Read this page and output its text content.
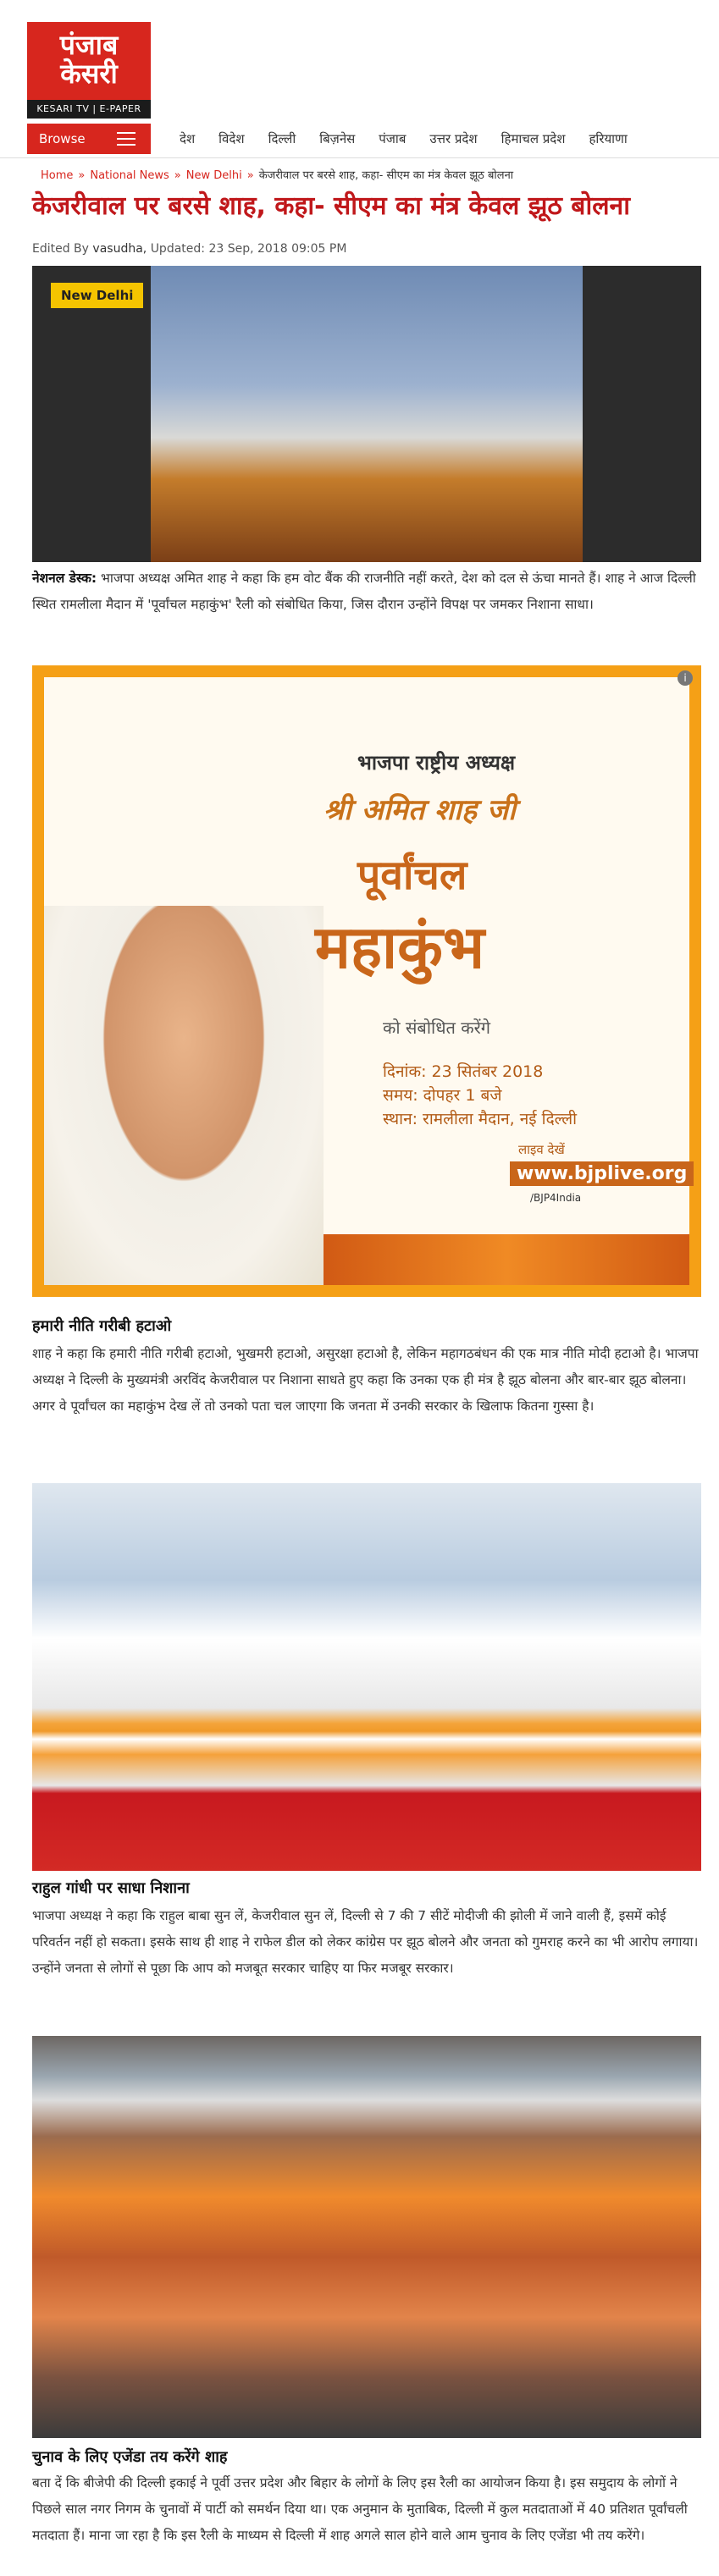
पंजाब केसरी
KESARI TV | E-PAPER
Browse	देश	विदेश	दिल्ली	बिज़नेस	पंजाब	उत्तर प्रदेश	हिमाचल प्रदेश	हरियाणा
Home » National News » New Delhi » केजरीवाल पर बरसे शाह, कहा- सीएम का मंत्र केवल झूठ बोलना
केजरीवाल पर बरसे शाह, कहा- सीएम का मंत्र केवल झूठ बोलना
Edited By vasudha, Updated: 23 Sep, 2018 09:05 PM
New Delhi
नेशनल डेस्क: भाजपा अध्यक्ष अमित शाह ने कहा कि हम वोट बैंक की राजनीति नहीं करते, देश को दल से ऊंचा मानते हैं। शाह ने आज दिल्ली स्थित रामलीला मैदान में 'पूर्वांचल महाकुंभ' रैली को संबोधित किया, जिस दौरान उन्होंने विपक्ष पर जमकर निशाना साधा।
भाजपा राष्ट्रीय अध्यक्ष
श्री अमित शाह जी
पूर्वांचल
महाकुंभ
को संबोधित करेंगे
दिनांक: 23 सितंबर 2018
समय: दोपहर 1 बजे
स्थान: रामलीला मैदान, नई दिल्ली
लाइव देखें
www.bjplive.org
/BJP4India
i
हमारी नीति गरीबी हटाओ
शाह ने कहा कि हमारी नीति गरीबी हटाओ, भुखमरी हटाओ, असुरक्षा हटाओ है, लेकिन महागठबंधन की एक मात्र नीति मोदी हटाओ है। भाजपा अध्यक्ष ने दिल्ली के मुख्यमंत्री अरविंद केजरीवाल पर निशाना साधते हुए कहा कि उनका एक ही मंत्र है झूठ बोलना और बार-बार झूठ बोलना। अगर वे पूर्वांचल का महाकुंभ देख लें तो उनको पता चल जाएगा कि जनता में उनकी सरकार के खिलाफ कितना गुस्सा है।
राहुल गांधी पर साधा निशाना
भाजपा अध्यक्ष ने कहा कि राहुल बाबा सुन लें, केजरीवाल सुन लें, दिल्ली से 7 की 7 सीटें मोदीजी की झोली में जाने वाली हैं, इसमें कोई परिवर्तन नहीं हो सकता। इसके साथ ही शाह ने राफेल डील को लेकर कांग्रेस पर झूठ बोलने और जनता को गुमराह करने का भी आरोप लगाया। उन्होंने जनता से लोगों से पूछा कि आप को मजबूत सरकार चाहिए या फिर मजबूर सरकार।
चुनाव के लिए एजेंडा तय करेंगे शाह
बता दें कि बीजेपी की दिल्ली इकाई ने पूर्वी उत्तर प्रदेश और बिहार के लोगों के लिए इस रैली का आयोजन किया है। इस समुदाय के लोगों ने पिछले साल नगर निगम के चुनावों में पार्टी को समर्थन दिया था। एक अनुमान के मुताबिक, दिल्ली में कुल मतदाताओं में 40 प्रतिशत पूर्वांचली मतदाता हैं। माना जा रहा है कि इस रैली के माध्यम से दिल्ली में शाह अगले साल होने वाले आम चुनाव के लिए एजेंडा भी तय करेंगे।
